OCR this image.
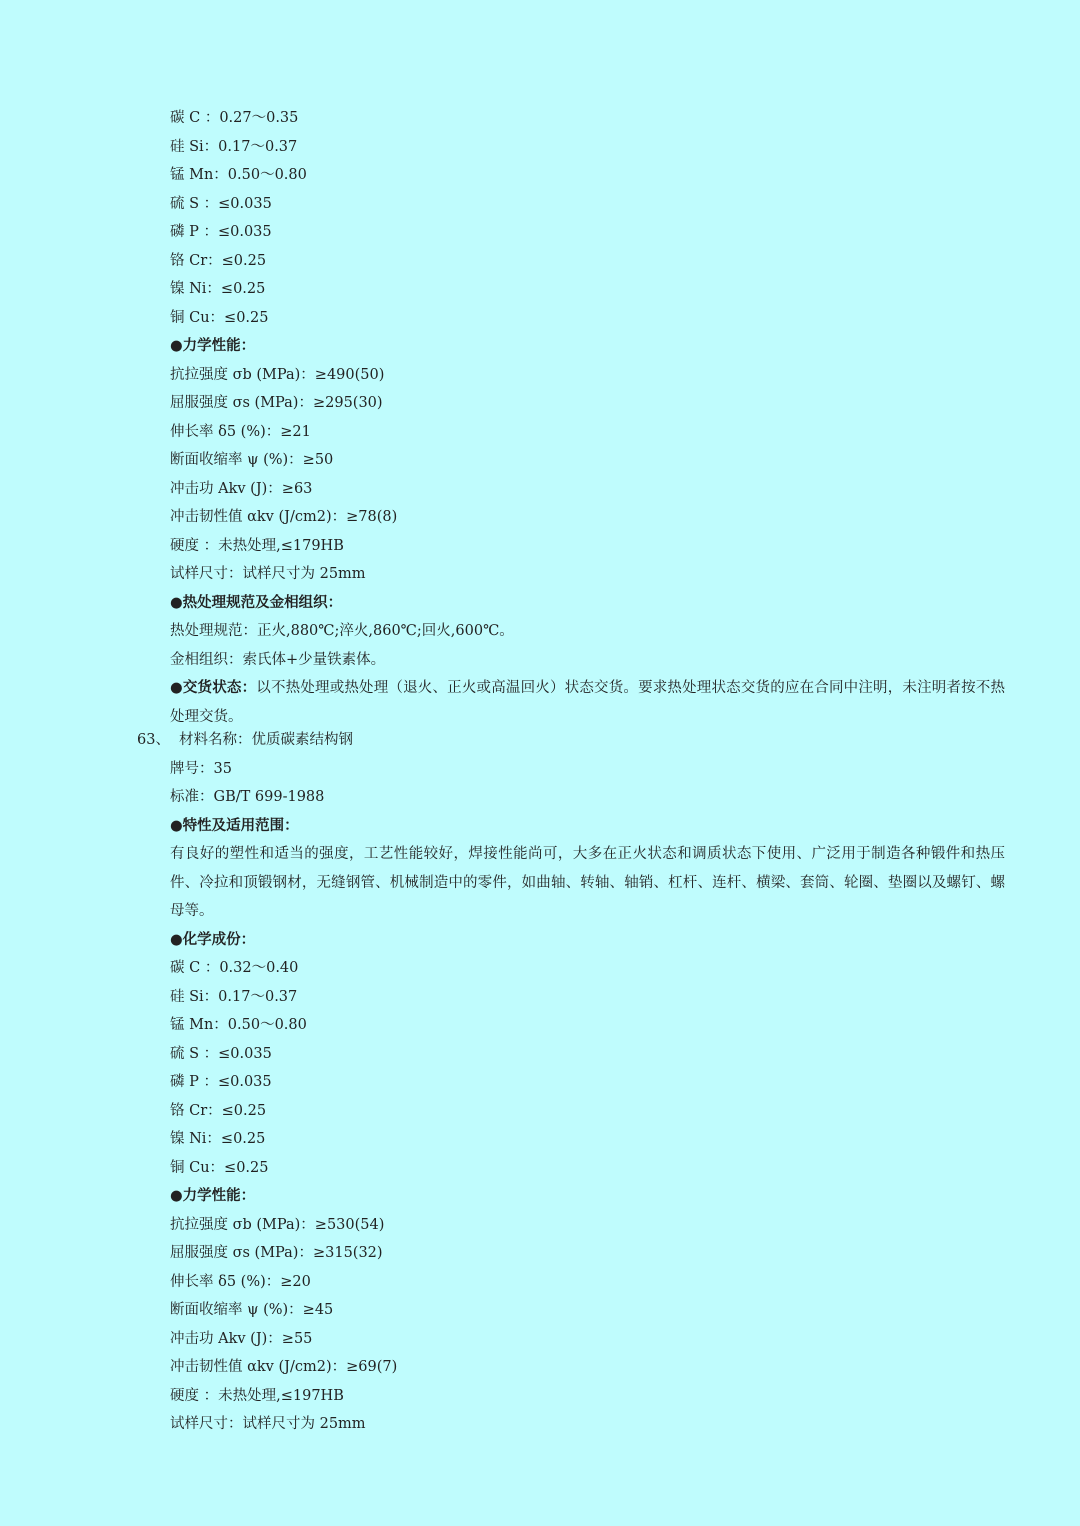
碳 C ：0.27～0.35
硅 Si：0.17～0.37
锰 Mn：0.50～0.80
硫 S ：≤0.035
磷 P ：≤0.035
铬 Cr：≤0.25
镍 Ni：≤0.25
铜 Cu：≤0.25
●力学性能：
抗拉强度 σb (MPa)：≥490(50)
屈服强度 σs (MPa)：≥295(30)
伸长率 δ5 (%)：≥21
断面收缩率 ψ (%)：≥50
冲击功 Akv (J)：≥63
冲击韧性值 αkv (J/cm2)：≥78(8)
硬度 ：未热处理,≤179HB
试样尺寸：试样尺寸为 25mm
●热处理规范及金相组织：
热处理规范：正火,880℃;淬火,860℃;回火,600℃。
金相组织：索氏体+少量铁素体。
●交货状态：以不热处理或热处理（退火、正火或高温回火）状态交货。要求热处理状态交货的应在合同中注明，未注明者按不热处理交货。
63、 材料名称：优质碳素结构钢
牌号：35
标准：GB/T 699-1988
●特性及适用范围：
有良好的塑性和适当的强度，工艺性能较好，焊接性能尚可，大多在正火状态和调质状态下使用、广泛用于制造各种锻件和热压件、冷拉和顶锻钢材，无缝钢管、机械制造中的零件，如曲轴、转轴、轴销、杠杆、连杆、横梁、套筒、轮圈、垫圈以及螺钉、螺母等。
●化学成份：
碳 C ：0.32～0.40
硅 Si：0.17～0.37
锰 Mn：0.50～0.80
硫 S ：≤0.035
磷 P ：≤0.035
铬 Cr：≤0.25
镍 Ni：≤0.25
铜 Cu：≤0.25
●力学性能：
抗拉强度 σb (MPa)：≥530(54)
屈服强度 σs (MPa)：≥315(32)
伸长率 δ5 (%)：≥20
断面收缩率 ψ (%)：≥45
冲击功 Akv (J)：≥55
冲击韧性值 αkv (J/cm2)：≥69(7)
硬度 ：未热处理,≤197HB
试样尺寸：试样尺寸为 25mm
